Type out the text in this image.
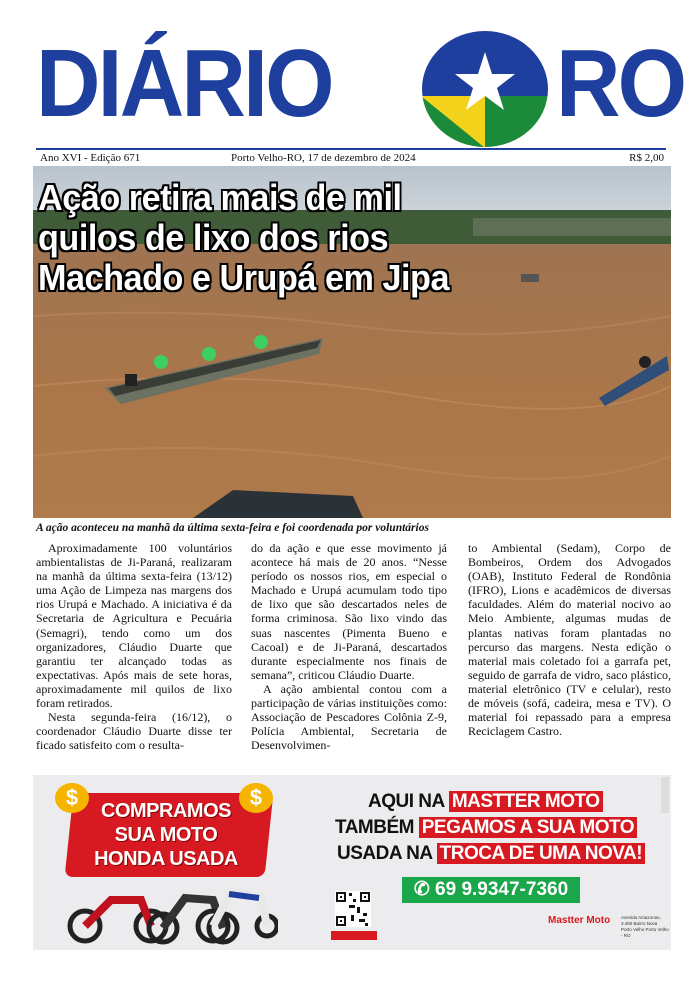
DIÁRIO RO
Ano XVI - Edição 671	Porto Velho-RO, 17 de dezembro de 2024	R$ 2,00
Ação retira mais de mil
quilos de lixo dos rios
Machado e Urupá em Jipa
A ação aconteceu na manhã da última sexta-feira e foi coordenada por voluntários

Aproximadamente 100 voluntários ambientalistas de Ji-Paraná, realizaram na manhã da última sexta-feira (13/12) uma Ação de Limpeza nas margens dos rios Urupá e Machado. A iniciativa é da Secretaria de Agricultura e Pecuária (Semagri), tendo como um dos organizadores, Cláudio Duarte que garantiu ter alcançado todas as expectativas. Após mais de sete horas, aproximadamente mil quilos de lixo foram retirados.

Nesta segunda-feira (16/12), o coordenador Cláudio Duarte disse ter ficado satisfeito com o resulta-

do da ação e que esse movimento já acontece há mais de 20 anos. “Nesse período os nossos rios, em especial o Machado e Urupá acumulam todo tipo de lixo que são descartados neles de forma criminosa. São lixo vindo das suas nascentes (Pimenta Bueno e Cacoal) e de Ji-Paraná, descartados durante especialmente nos finais de semana”, criticou Cláudio Duarte.

A ação ambiental contou com a participação de várias instituições como: Associação de Pescadores Colônia Z-9, Polícia Ambiental, Secretaria de Desenvolvimen-

to Ambiental (Sedam), Corpo de Bombeiros, Ordem dos Advogados (OAB), Instituto Federal de Rondônia (IFRO), Lions e acadêmicos de diversas faculdades. Além do material nocivo ao Meio Ambiente, algumas mudas de plantas nativas foram plantadas no percurso das margens. Nesta edição o material mais coletado foi a garrafa pet, seguido de garrafa de vidro, saco plástico, material eletrônico (TV e celular), resto de móveis (sofá, cadeira, mesa e TV). O material foi repassado para a empresa Reciclagem Castro.

$	$
COMPRAMOS
SUA MOTO
HONDA USADA
AQUI NA MASTTER MOTO
TAMBÉM PEGAMOS A SUA MOTO
USADA NA TROCA DE UMA NOVA!
✆ 69 9.9347-7360
Mastter Moto Avenida Amazonas, 3.450 Bairro Nova Porto Velho Porto Velho - RO
